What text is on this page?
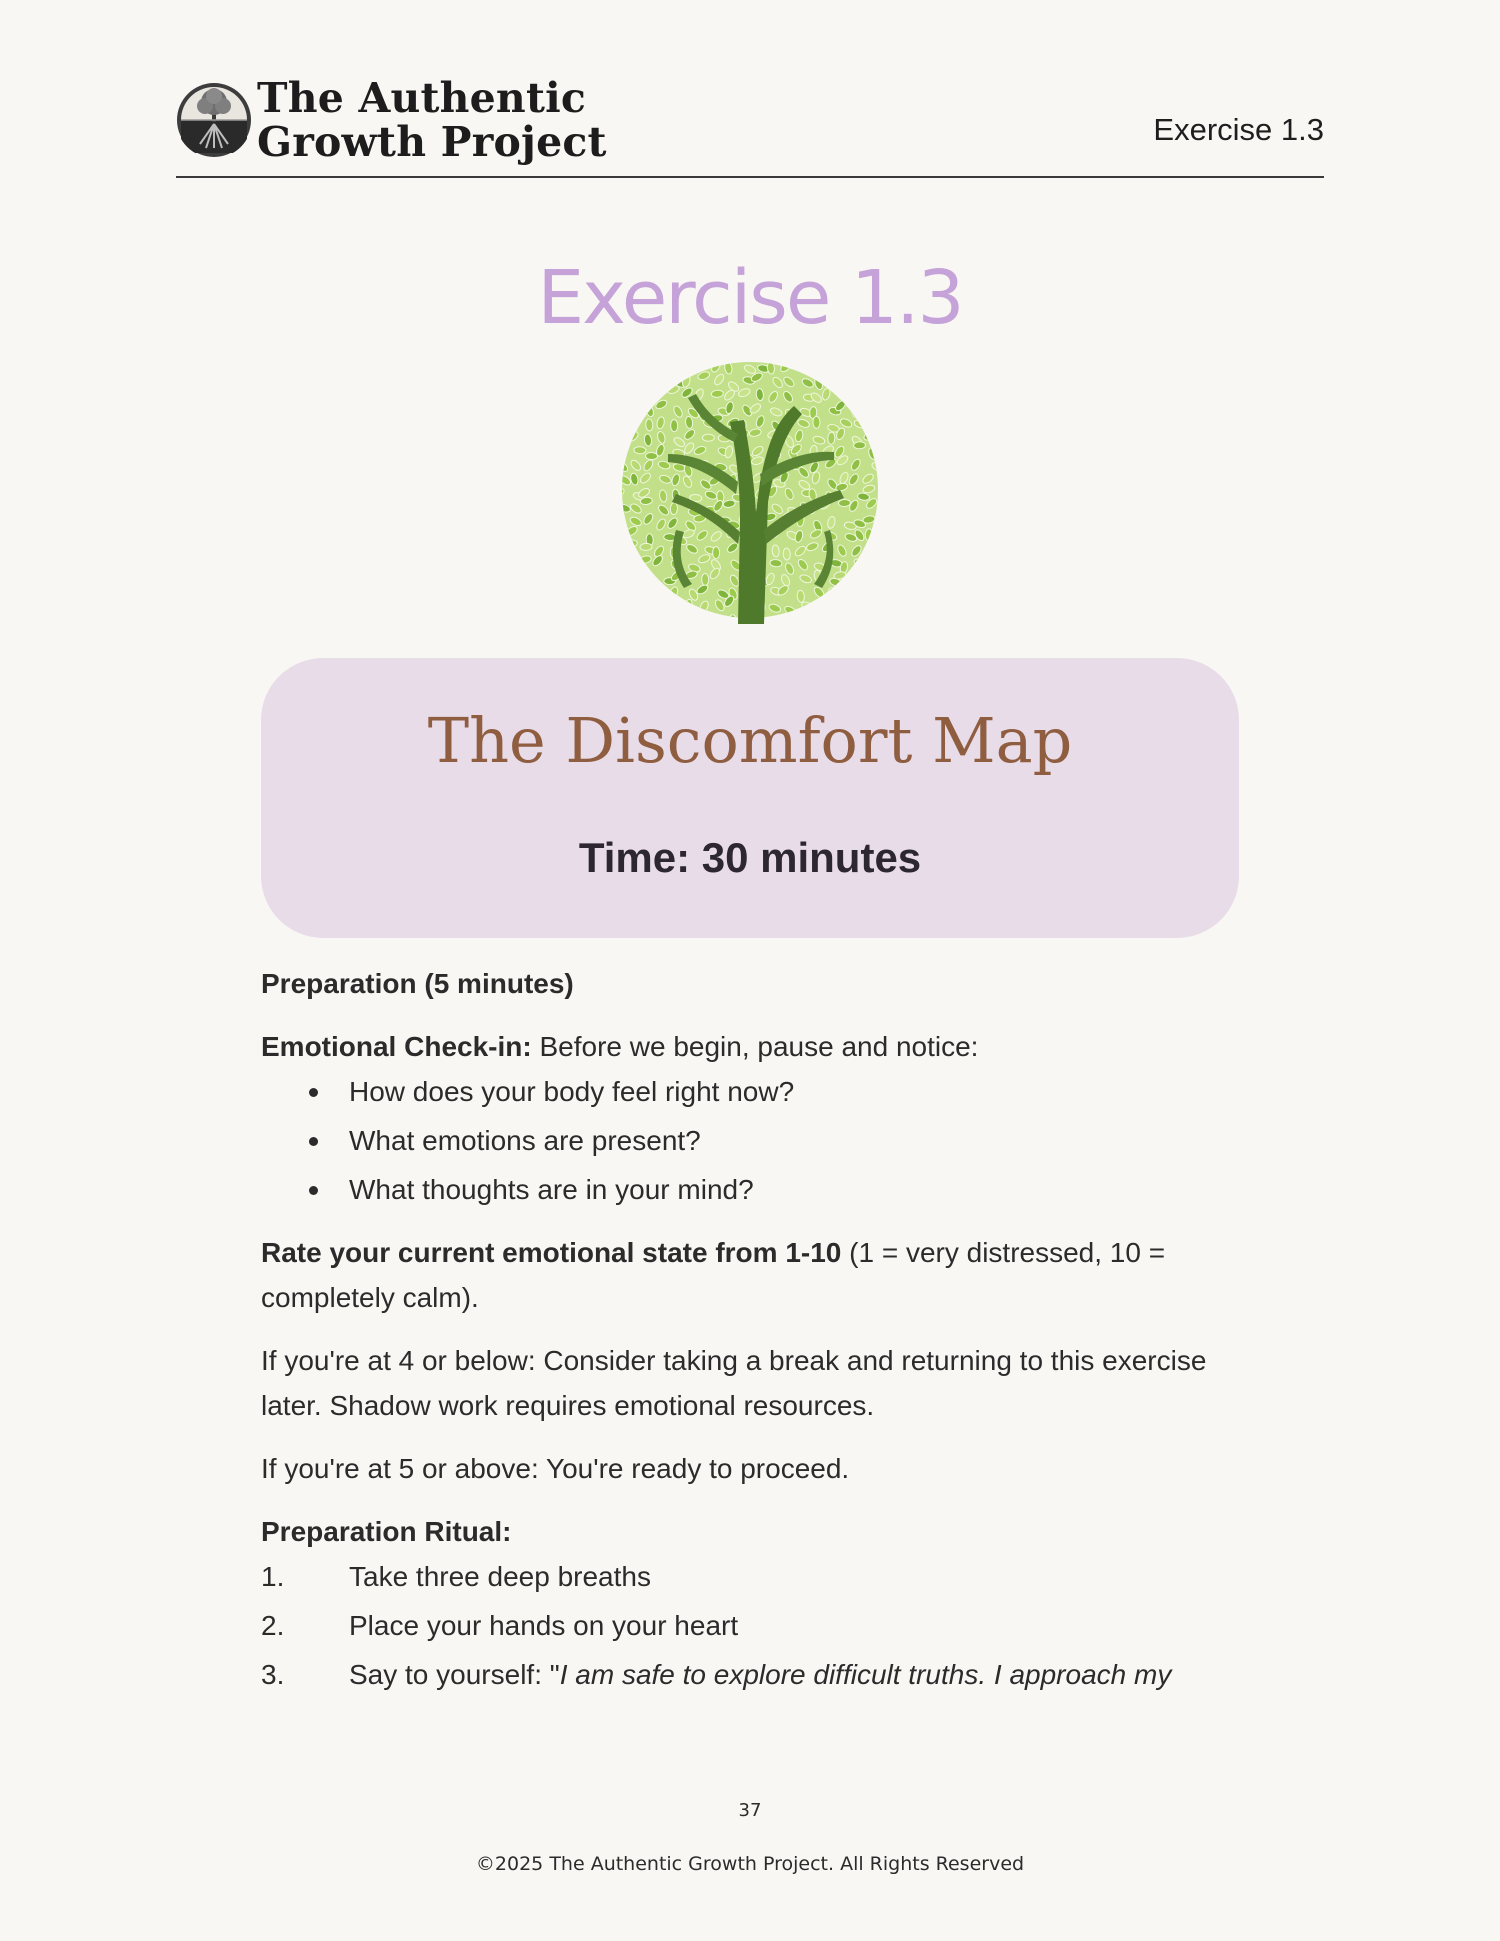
The Authentic
Growth Project	Exercise 1.3
Exercise 1.3
The Discomfort Map
Time: 30 minutes

Preparation (5 minutes)

Emotional Check-in: Before we begin, pause and notice:

How does your body feel right now?
What emotions are present?
What thoughts are in your mind?

Rate your current emotional state from 1-10 (1 = very distressed, 10 = completely calm).

If you're at 4 or below: Consider taking a break and returning to this exercise later. Shadow work requires emotional resources.

If you're at 5 or above: You're ready to proceed.

Preparation Ritual:

1. Take three deep breaths
2. Place your hands on your heart
3. Say to yourself: "I am safe to explore difficult truths. I approach my
37
©2025 The Authentic Growth Project. All Rights Reserved
